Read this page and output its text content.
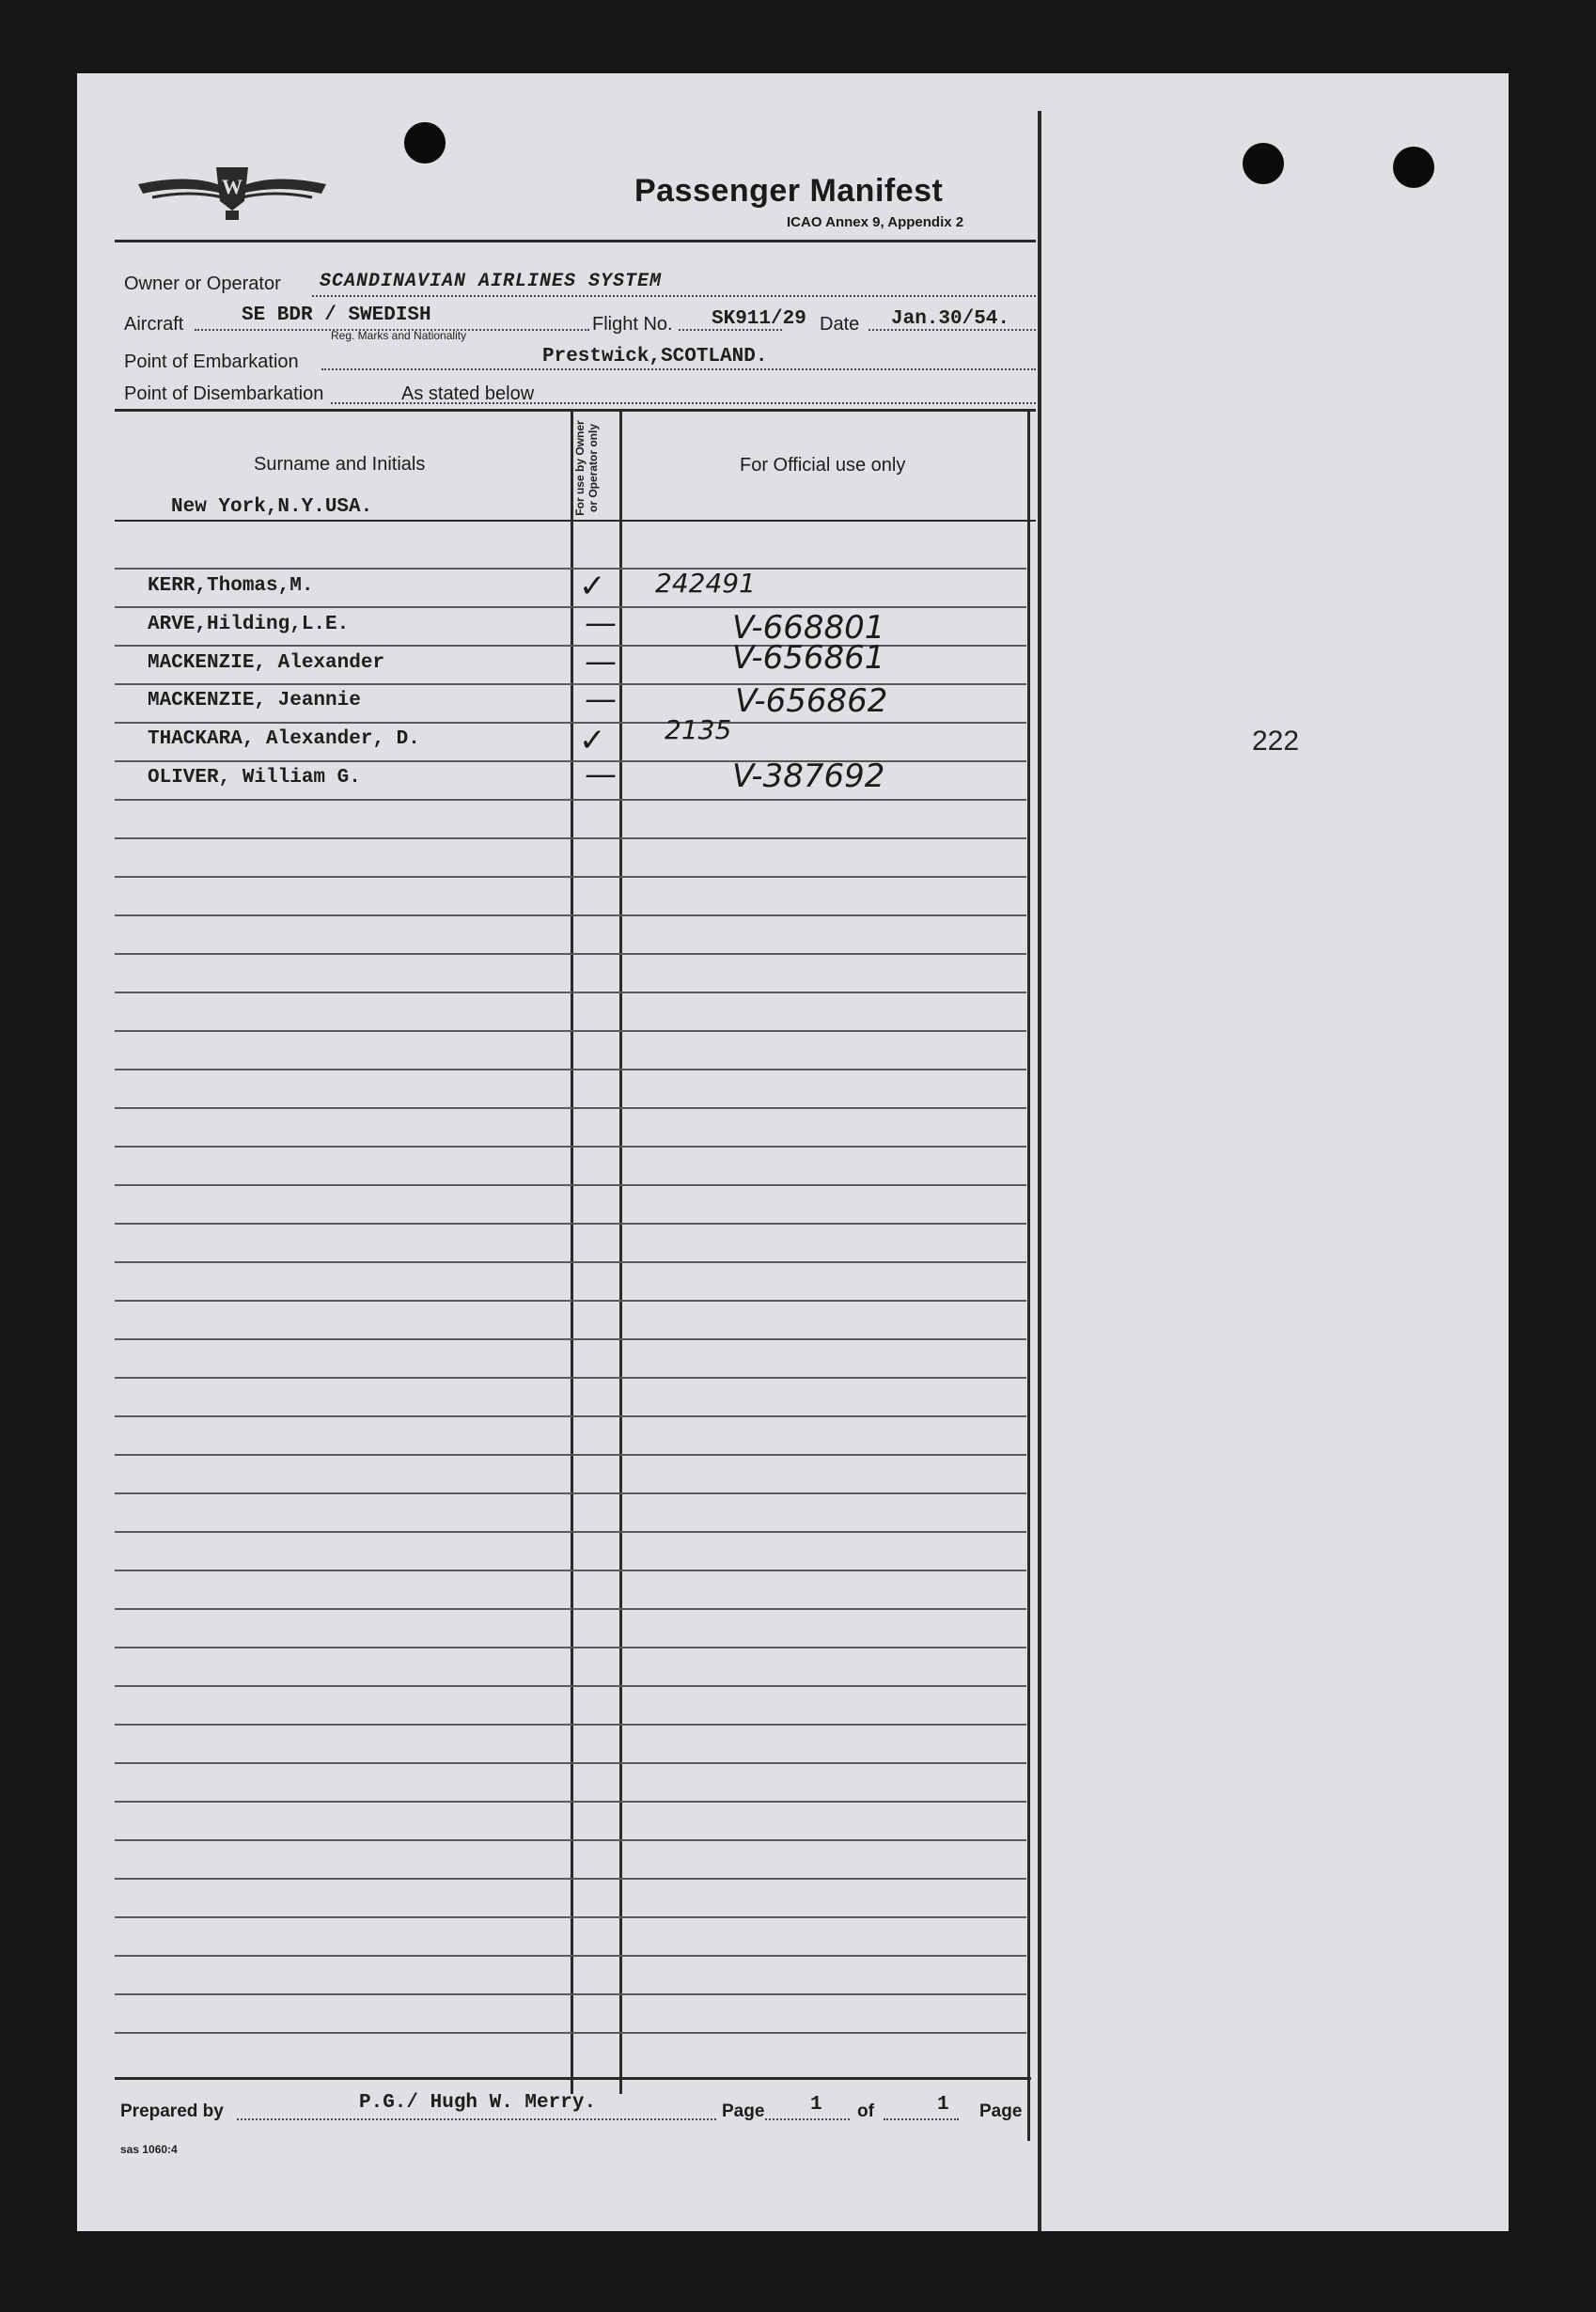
W	Passenger Manifest
ICAO Annex 9, Appendix 2
Owner or Operator SCANDINAVIAN AIRLINES SYSTEM
Aircraft	SE BDR / SWEDISH
Reg. Marks and Nationality
Flight No. SK911/29 Date Jan.30/54.
Point of Embarkation	Prestwick,SCOTLAND.
Point of Disembarkation	As stated below
Surname and Initials	For use by Owner or Operator only	For Official use only
New York,N.Y.USA.
KERR,Thomas,M.	✓ 242491
ARVE,Hilding,L.E.	—	V-668801
MACKENZIE, Alexander	—	V-656861
MACKENZIE, Jeannie	—	V-656862
THACKARA, Alexander, D.	✓ 2135
OLIVER, William G.	—	V-387692
Prepared by	P.G./ Hugh W. Merry.	Page 1 of	1 Page
sas 1060:4
222
